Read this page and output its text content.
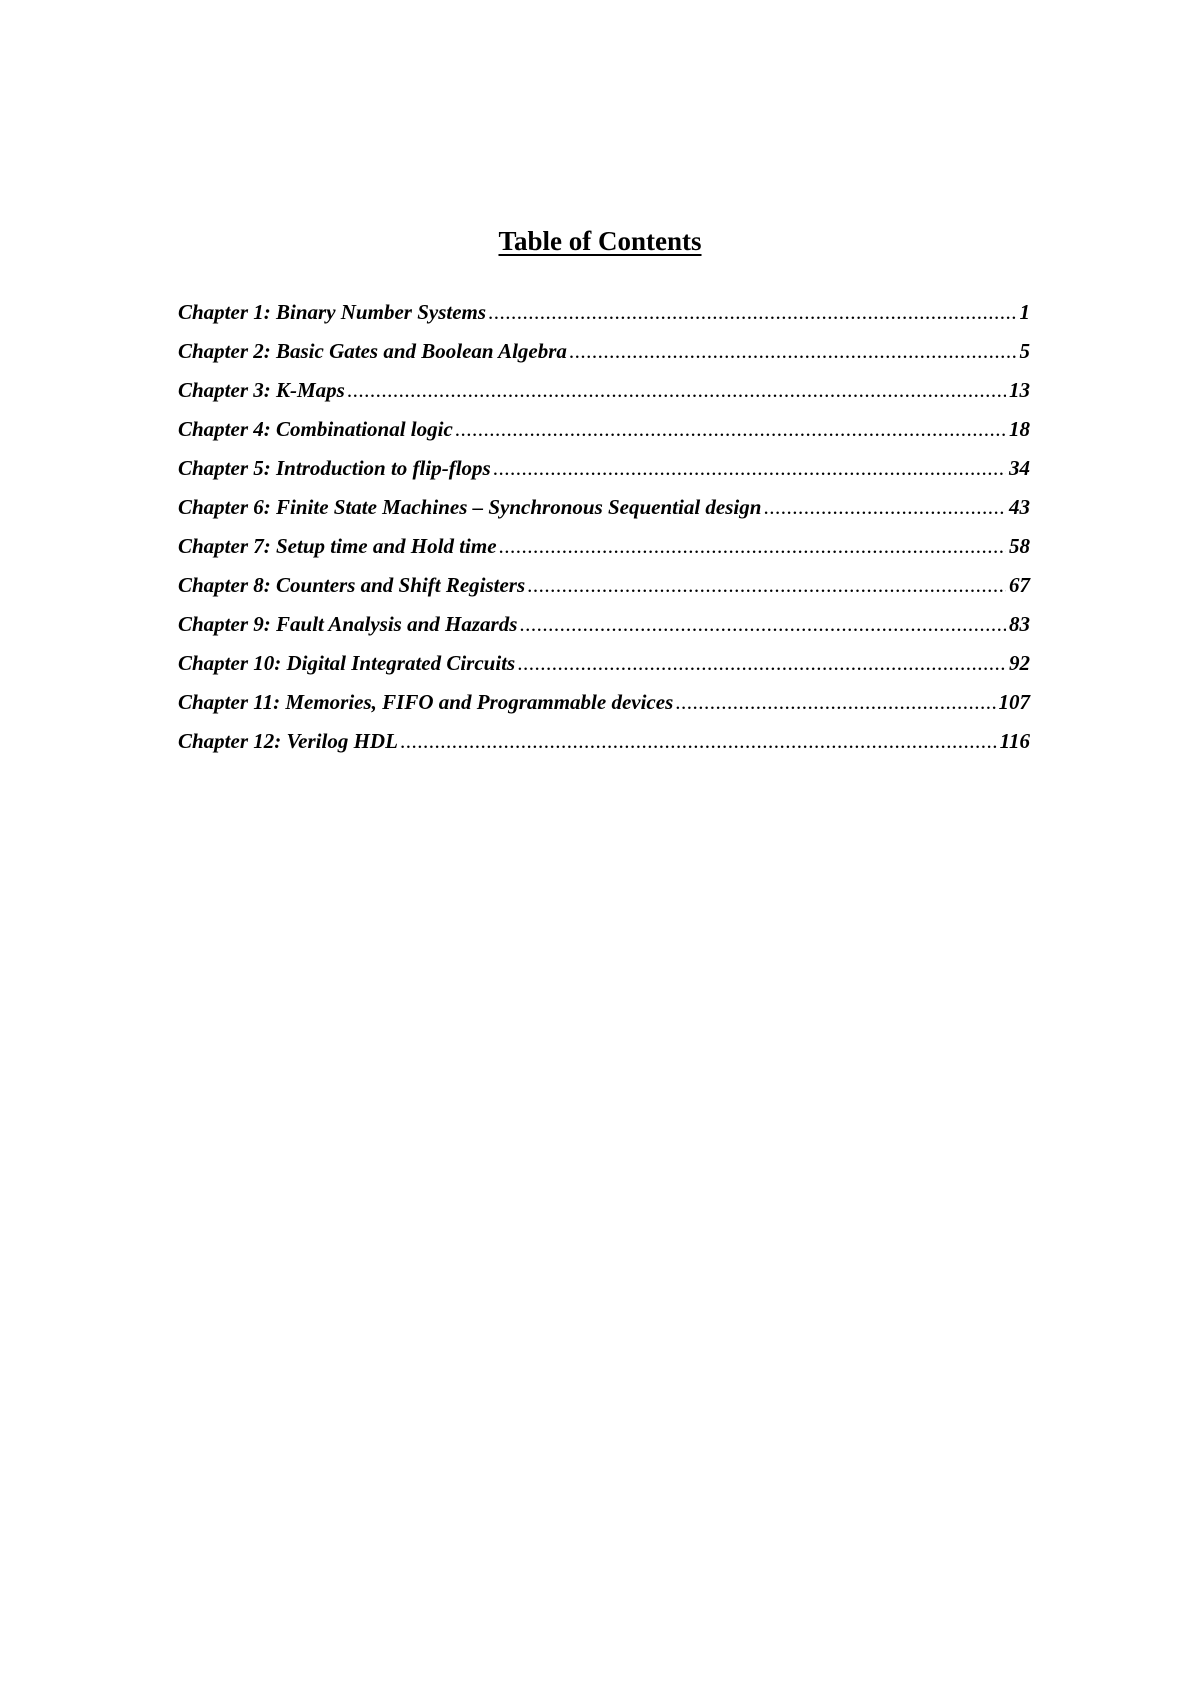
Table of Contents
Chapter 1: Binary Number Systems .....	1
Chapter 2: Basic Gates and Boolean Algebra .....	5
Chapter 3: K-Maps .....	13
Chapter 4: Combinational logic .....	18
Chapter 5: Introduction to flip-flops .....	34
Chapter 6: Finite State Machines – Synchronous Sequential design .....	43
Chapter 7: Setup time and Hold time .....	58
Chapter 8: Counters and Shift Registers .....	67
Chapter 9: Fault Analysis and Hazards .....	83
Chapter 10: Digital Integrated Circuits .....	92
Chapter 11: Memories, FIFO and Programmable devices .....	107
Chapter 12: Verilog HDL .....	116
